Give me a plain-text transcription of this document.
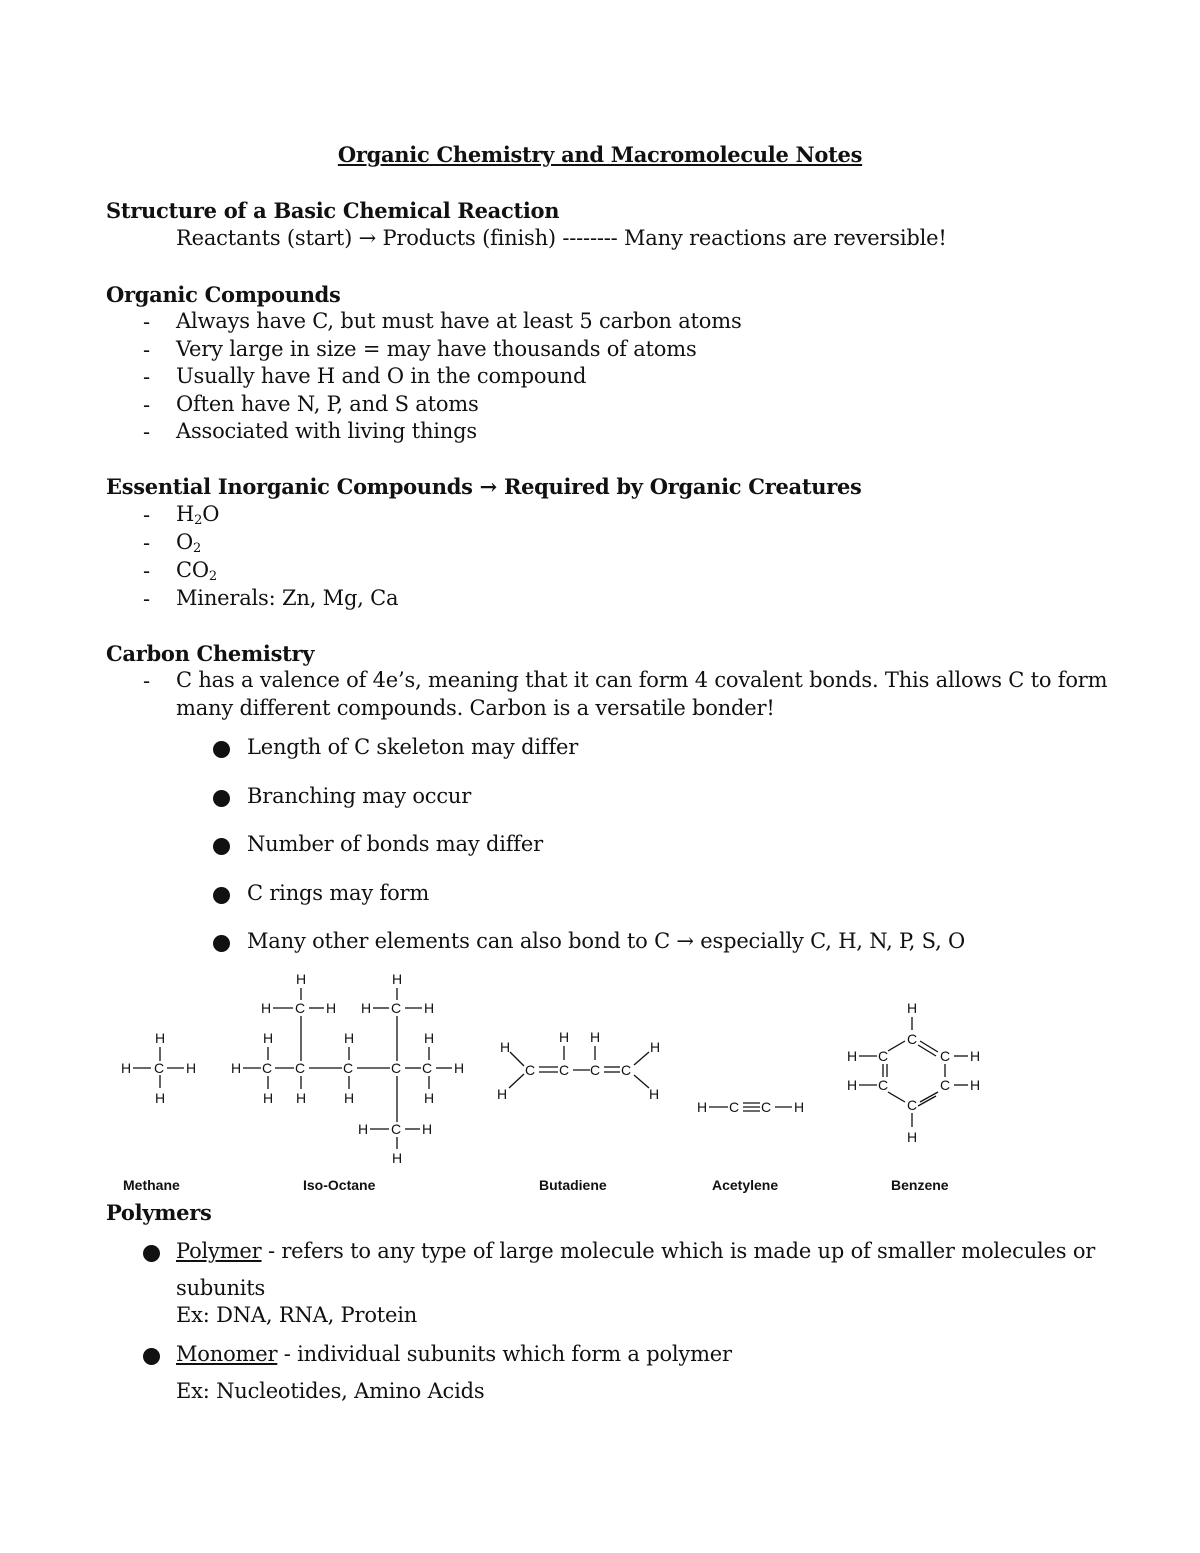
Organic Chemistry and Macromolecule Notes
Structure of a Basic Chemical Reaction
Reactants (start) → Products (finish) -------- Many reactions are reversible!
Organic Compounds
- Always have C, but must have at least 5 carbon atoms
- Very large in size = may have thousands of atoms
- Usually have H and O in the compound
- Often have N, P, and S atoms
- Associated with living things
Essential Inorganic Compounds → Required by Organic Creatures
- $H_2O$
- $O_2$
- $CO_2$
- Minerals: Zn, Mg, Ca
Carbon Chemistry
- C has a valence of 4e’s, meaning that it can form 4 covalent bonds. This allows C to form
many different compounds. Carbon is a versatile bonder!
Length of C skeleton may differ
Branching may occur
Number of bonds may differ
C rings may form
Many other elements can also bond to C → especially C, H, N, P, S, O
H
H C H
H
H
H C H
H
H C H
H	H	H
H C C	C	C C H
H H	H	H
H C H
H
H
H
C
H
C
H
C C
H
H
H C C H
H
C
H C	C H
H C	C H
C
H
Methane	Iso-Octane	Butadiene	Acetylene	Benzene
Polymers
Polymer - refers to any type of large molecule which is made up of smaller molecules or
subunits
Ex: DNA, RNA, Protein
Monomer - individual subunits which form a polymer
Ex: Nucleotides, Amino Acids
